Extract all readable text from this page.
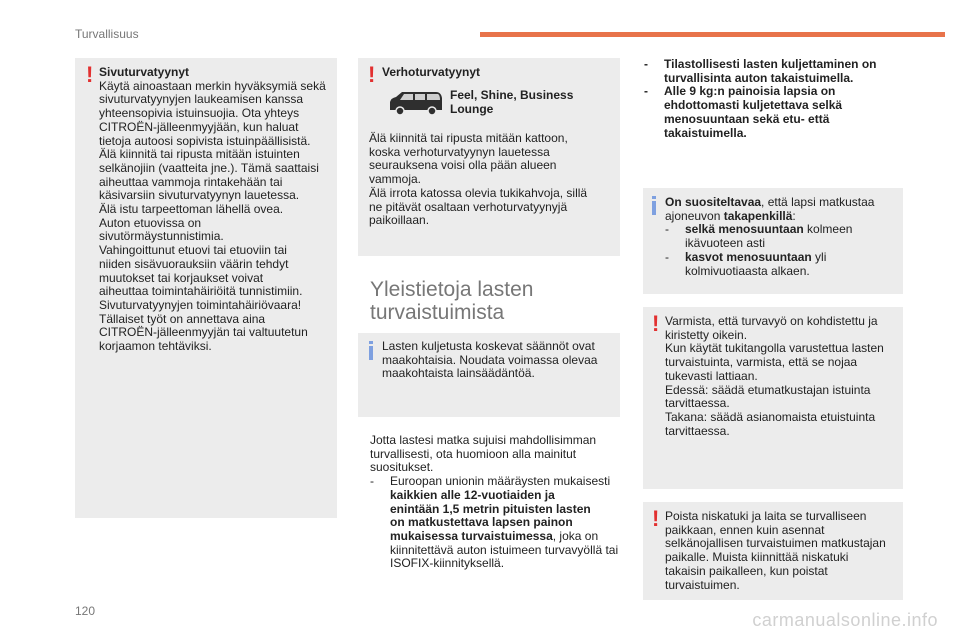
Turvallisuus
! Sivuturvatyynyt
Käytä ainoastaan merkin hyväksymiä sekä
sivuturvatyynyjen laukeamisen kanssa
yhteensopivia istuinsuojia. Ota yhteys
CITROËN-jälleenmyyjään, kun haluat
tietoja autoosi sopivista istuinpäällisistä.
Älä kiinnitä tai ripusta mitään istuinten
selkänojiin (vaatteita jne.). Tämä saattaisi
aiheuttaa vammoja rintakehään tai
käsivarsiin sivuturvatyynyn lauetessa.
Älä istu tarpeettoman lähellä ovea.
Auton etuovissa on
sivutörmäystunnistimia.
Vahingoittunut etuovi tai etuoviin tai
niiden sisävuorauksiin väärin tehdyt
muutokset tai korjaukset voivat
aiheuttaa toimintahäiriöitä tunnistimiin.
Sivuturvatyynyjen toimintahäiriövaara!
Tällaiset työt on annettava aina
CITROËN-jälleenmyyjän tai valtuutetun
korjaamon tehtäviksi.
! Verhoturvatyynyt
Feel, Shine, Business
Lounge
Älä kiinnitä tai ripusta mitään kattoon,
koska verhoturvatyynyn lauetessa
seurauksena voisi olla pään alueen
vammoja.
Älä irrota katossa olevia tukikahvoja, sillä
ne pitävät osaltaan verhoturvatyynyjä
paikoillaan.
Yleistietoja lasten
turvaistuimista
Lasten kuljetusta koskevat säännöt ovat
maakohtaisia. Noudata voimassa olevaa
maakohtaista lainsäädäntöä.
Jotta lastesi matka sujuisi mahdollisimman
turvallisesti, ota huomioon alla mainitut
suositukset.
-	Euroopan unionin määräysten mukaisesti
kaikkien alle 12-vuotiaiden ja
enintään 1,5 metrin pituisten lasten
on matkustettava lapsen painon
mukaisessa turvaistuimessa, joka on
kiinnitettävä auton istuimeen turvavyöllä tai
ISOFIX-kiinnityksellä.
-	Tilastollisesti lasten kuljettaminen on
turvallisinta auton takaistuimella.
-	Alle 9 kg:n painoisia lapsia on
ehdottomasti kuljetettava selkä
menosuuntaan sekä etu- että
takaistuimella.
On suositeltavaa, että lapsi matkustaa
ajoneuvon takapenkillä:
-	selkä menosuuntaan kolmeen
ikävuoteen asti
-	kasvot menosuuntaan yli
kolmivuotiaasta alkaen.
! Varmista, että turvavyö on kohdistettu ja
kiristetty oikein.
Kun käytät tukitangolla varustettua lasten
turvaistuinta, varmista, että se nojaa
tukevasti lattiaan.
Edessä: säädä etumatkustajan istuinta
tarvittaessa.
Takana: säädä asianomaista etuistuinta
tarvittaessa.
! Poista niskatuki ja laita se turvalliseen
paikkaan, ennen kuin asennat
selkänojallisen turvaistuimen matkustajan
paikalle. Muista kiinnittää niskatuki
takaisin paikalleen, kun poistat
turvaistuimen.
120	carmanualsonline.info
